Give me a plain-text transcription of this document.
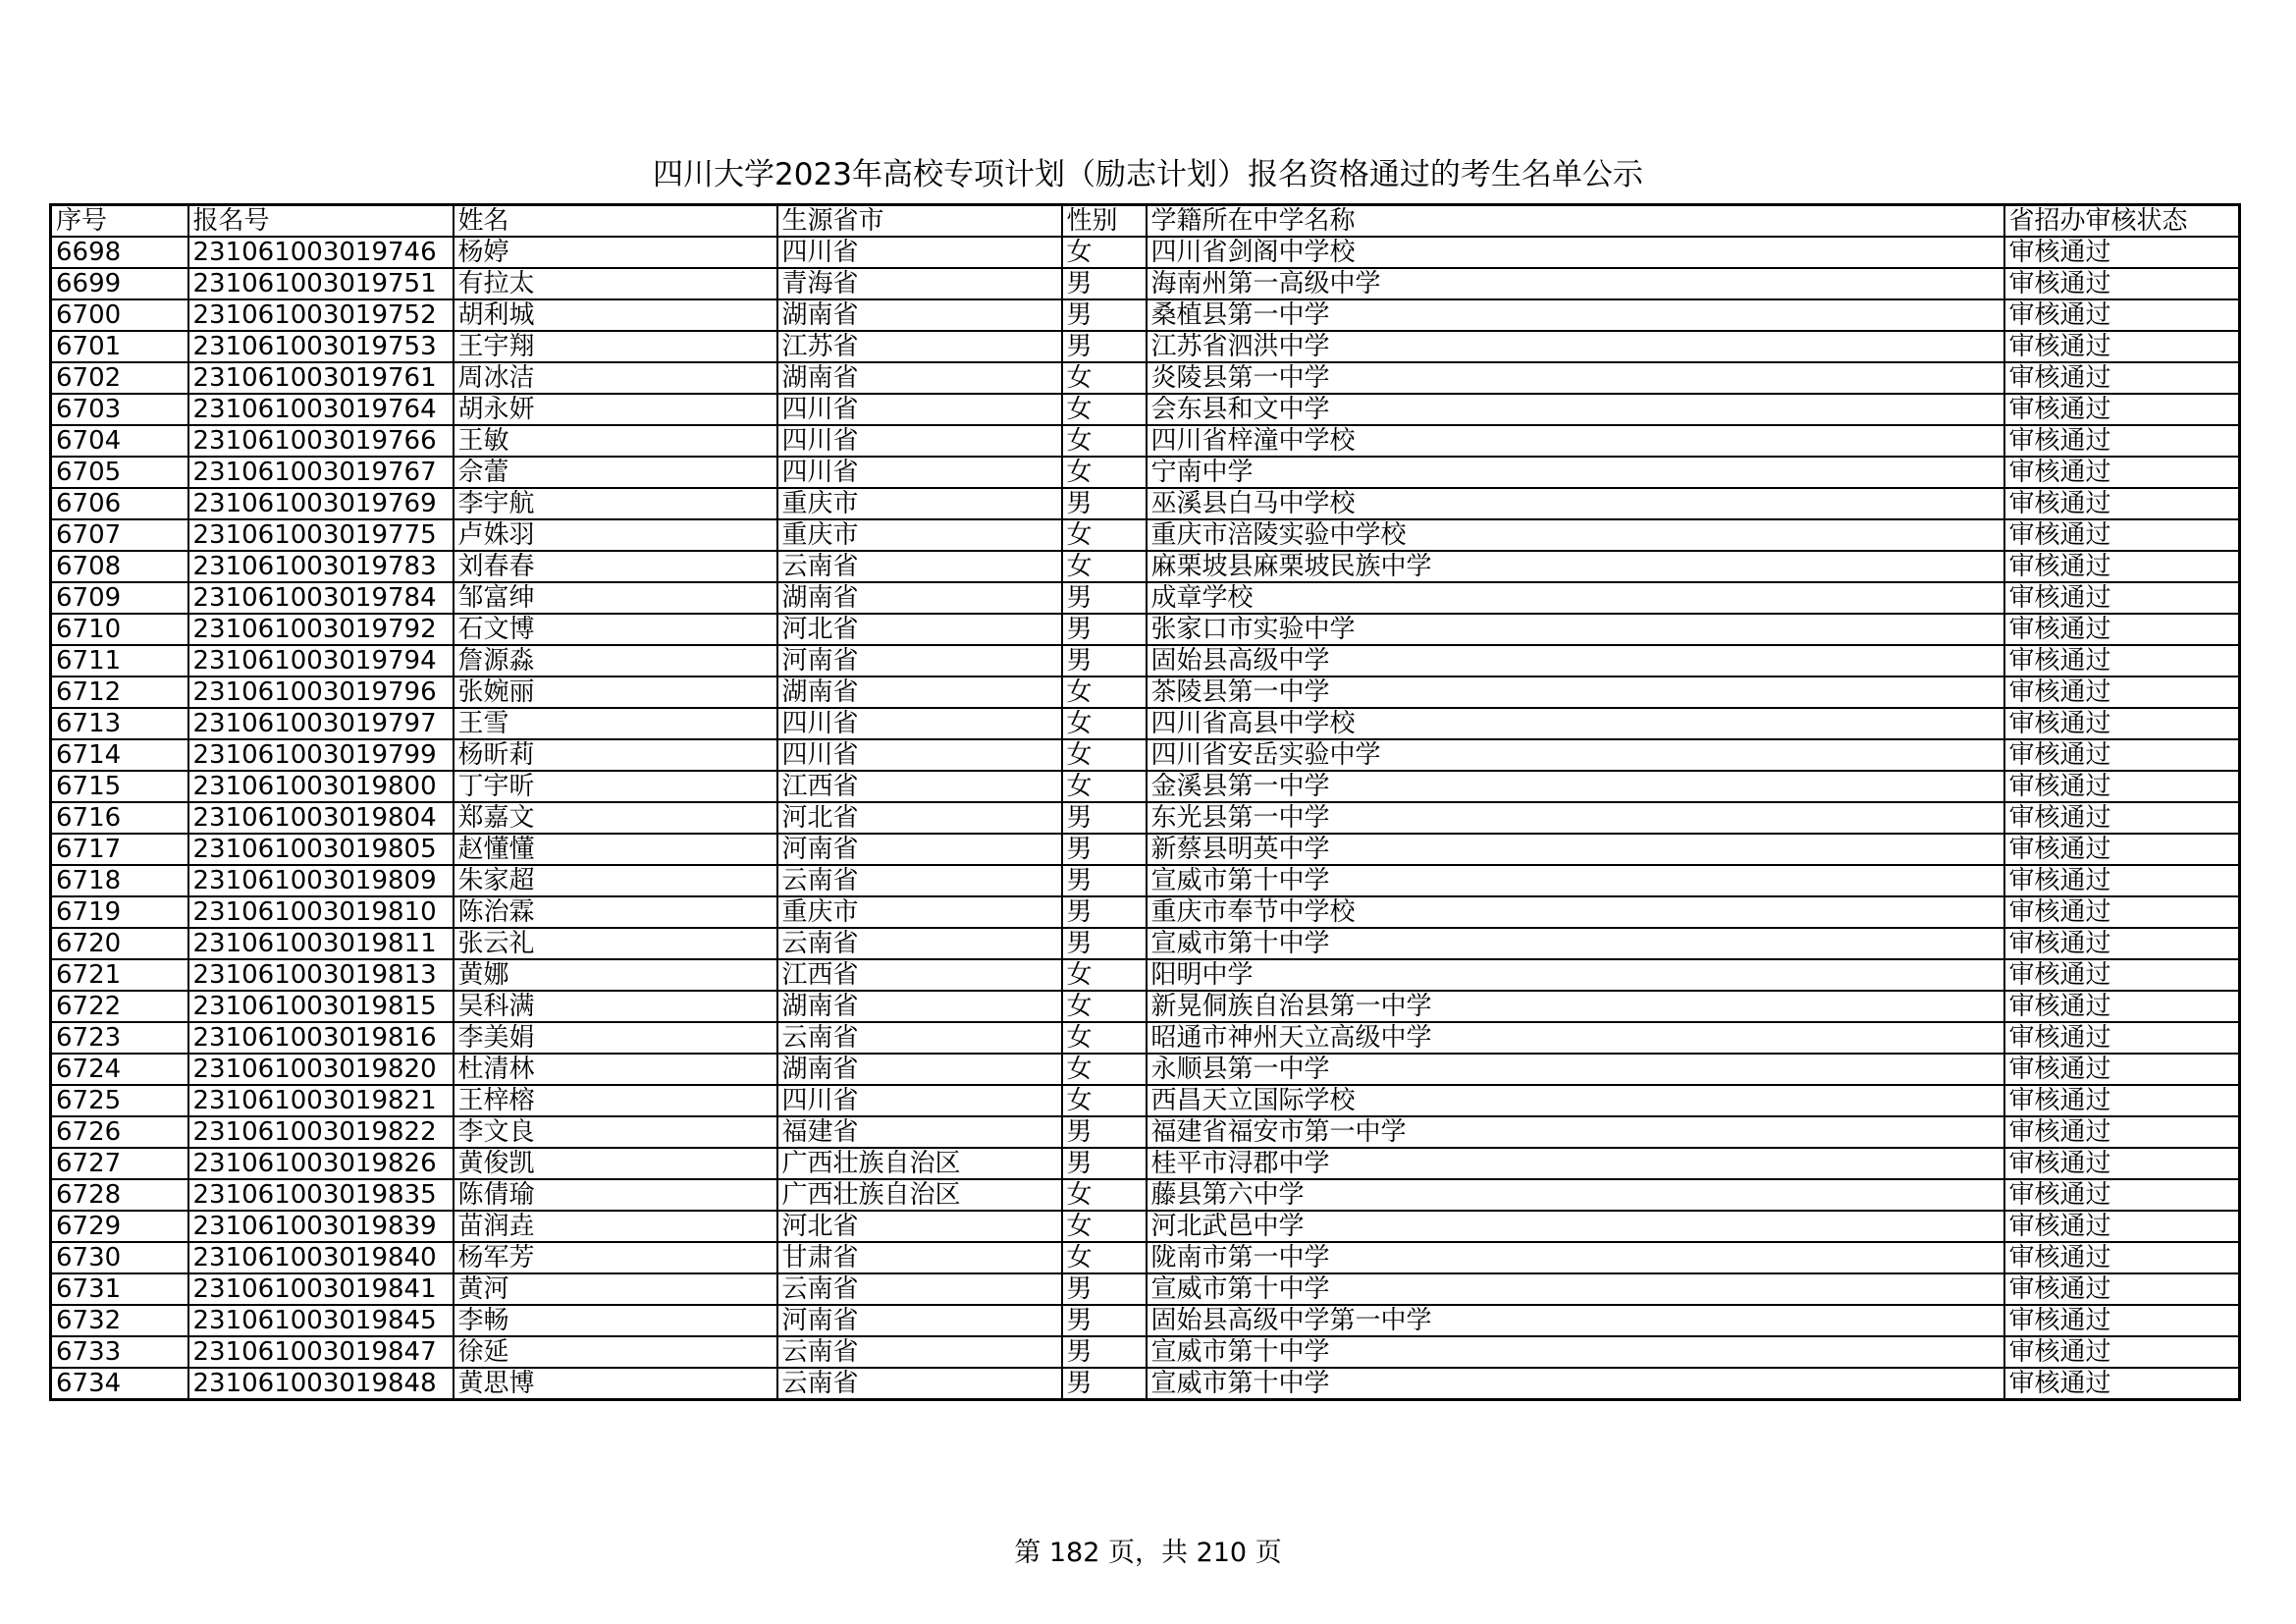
四川大学2023年高校专项计划（励志计划）报名资格通过的考生名单公示
序号	报名号	姓名	生源省市	性别	学籍所在中学名称	省招办审核状态
6698	231061003019746	杨婷	四川省	女	四川省剑阁中学校	审核通过
6699	231061003019751	有拉太	青海省	男	海南州第一高级中学	审核通过
6700	231061003019752	胡利城	湖南省	男	桑植县第一中学	审核通过
6701	231061003019753	王宇翔	江苏省	男	江苏省泗洪中学	审核通过
6702	231061003019761	周冰洁	湖南省	女	炎陵县第一中学	审核通过
6703	231061003019764	胡永妍	四川省	女	会东县和文中学	审核通过
6704	231061003019766	王敏	四川省	女	四川省梓潼中学校	审核通过
6705	231061003019767	佘蕾	四川省	女	宁南中学	审核通过
6706	231061003019769	李宇航	重庆市	男	巫溪县白马中学校	审核通过
6707	231061003019775	卢姝羽	重庆市	女	重庆市涪陵实验中学校	审核通过
6708	231061003019783	刘春春	云南省	女	麻栗坡县麻栗坡民族中学	审核通过
6709	231061003019784	邹富绅	湖南省	男	成章学校	审核通过
6710	231061003019792	石文博	河北省	男	张家口市实验中学	审核通过
6711	231061003019794	詹源淼	河南省	男	固始县高级中学	审核通过
6712	231061003019796	张婉丽	湖南省	女	茶陵县第一中学	审核通过
6713	231061003019797	王雪	四川省	女	四川省高县中学校	审核通过
6714	231061003019799	杨昕莉	四川省	女	四川省安岳实验中学	审核通过
6715	231061003019800	丁宇昕	江西省	女	金溪县第一中学	审核通过
6716	231061003019804	郑嘉文	河北省	男	东光县第一中学	审核通过
6717	231061003019805	赵懂懂	河南省	男	新蔡县明英中学	审核通过
6718	231061003019809	朱家超	云南省	男	宣威市第十中学	审核通过
6719	231061003019810	陈治霖	重庆市	男	重庆市奉节中学校	审核通过
6720	231061003019811	张云礼	云南省	男	宣威市第十中学	审核通过
6721	231061003019813	黄娜	江西省	女	阳明中学	审核通过
6722	231061003019815	吴科满	湖南省	女	新晃侗族自治县第一中学	审核通过
6723	231061003019816	李美娟	云南省	女	昭通市神州天立高级中学	审核通过
6724	231061003019820	杜清林	湖南省	女	永顺县第一中学	审核通过
6725	231061003019821	王梓榕	四川省	女	西昌天立国际学校	审核通过
6726	231061003019822	李文良	福建省	男	福建省福安市第一中学	审核通过
6727	231061003019826	黄俊凯	广西壮族自治区	男	桂平市浔郡中学	审核通过
6728	231061003019835	陈倩瑜	广西壮族自治区	女	藤县第六中学	审核通过
6729	231061003019839	苗润垚	河北省	女	河北武邑中学	审核通过
6730	231061003019840	杨军芳	甘肃省	女	陇南市第一中学	审核通过
6731	231061003019841	黄河	云南省	男	宣威市第十中学	审核通过
6732	231061003019845	李畅	河南省	男	固始县高级中学第一中学	审核通过
6733	231061003019847	徐延	云南省	男	宣威市第十中学	审核通过
6734	231061003019848	黄思博	云南省	男	宣威市第十中学	审核通过
第 182 页，共 210 页
